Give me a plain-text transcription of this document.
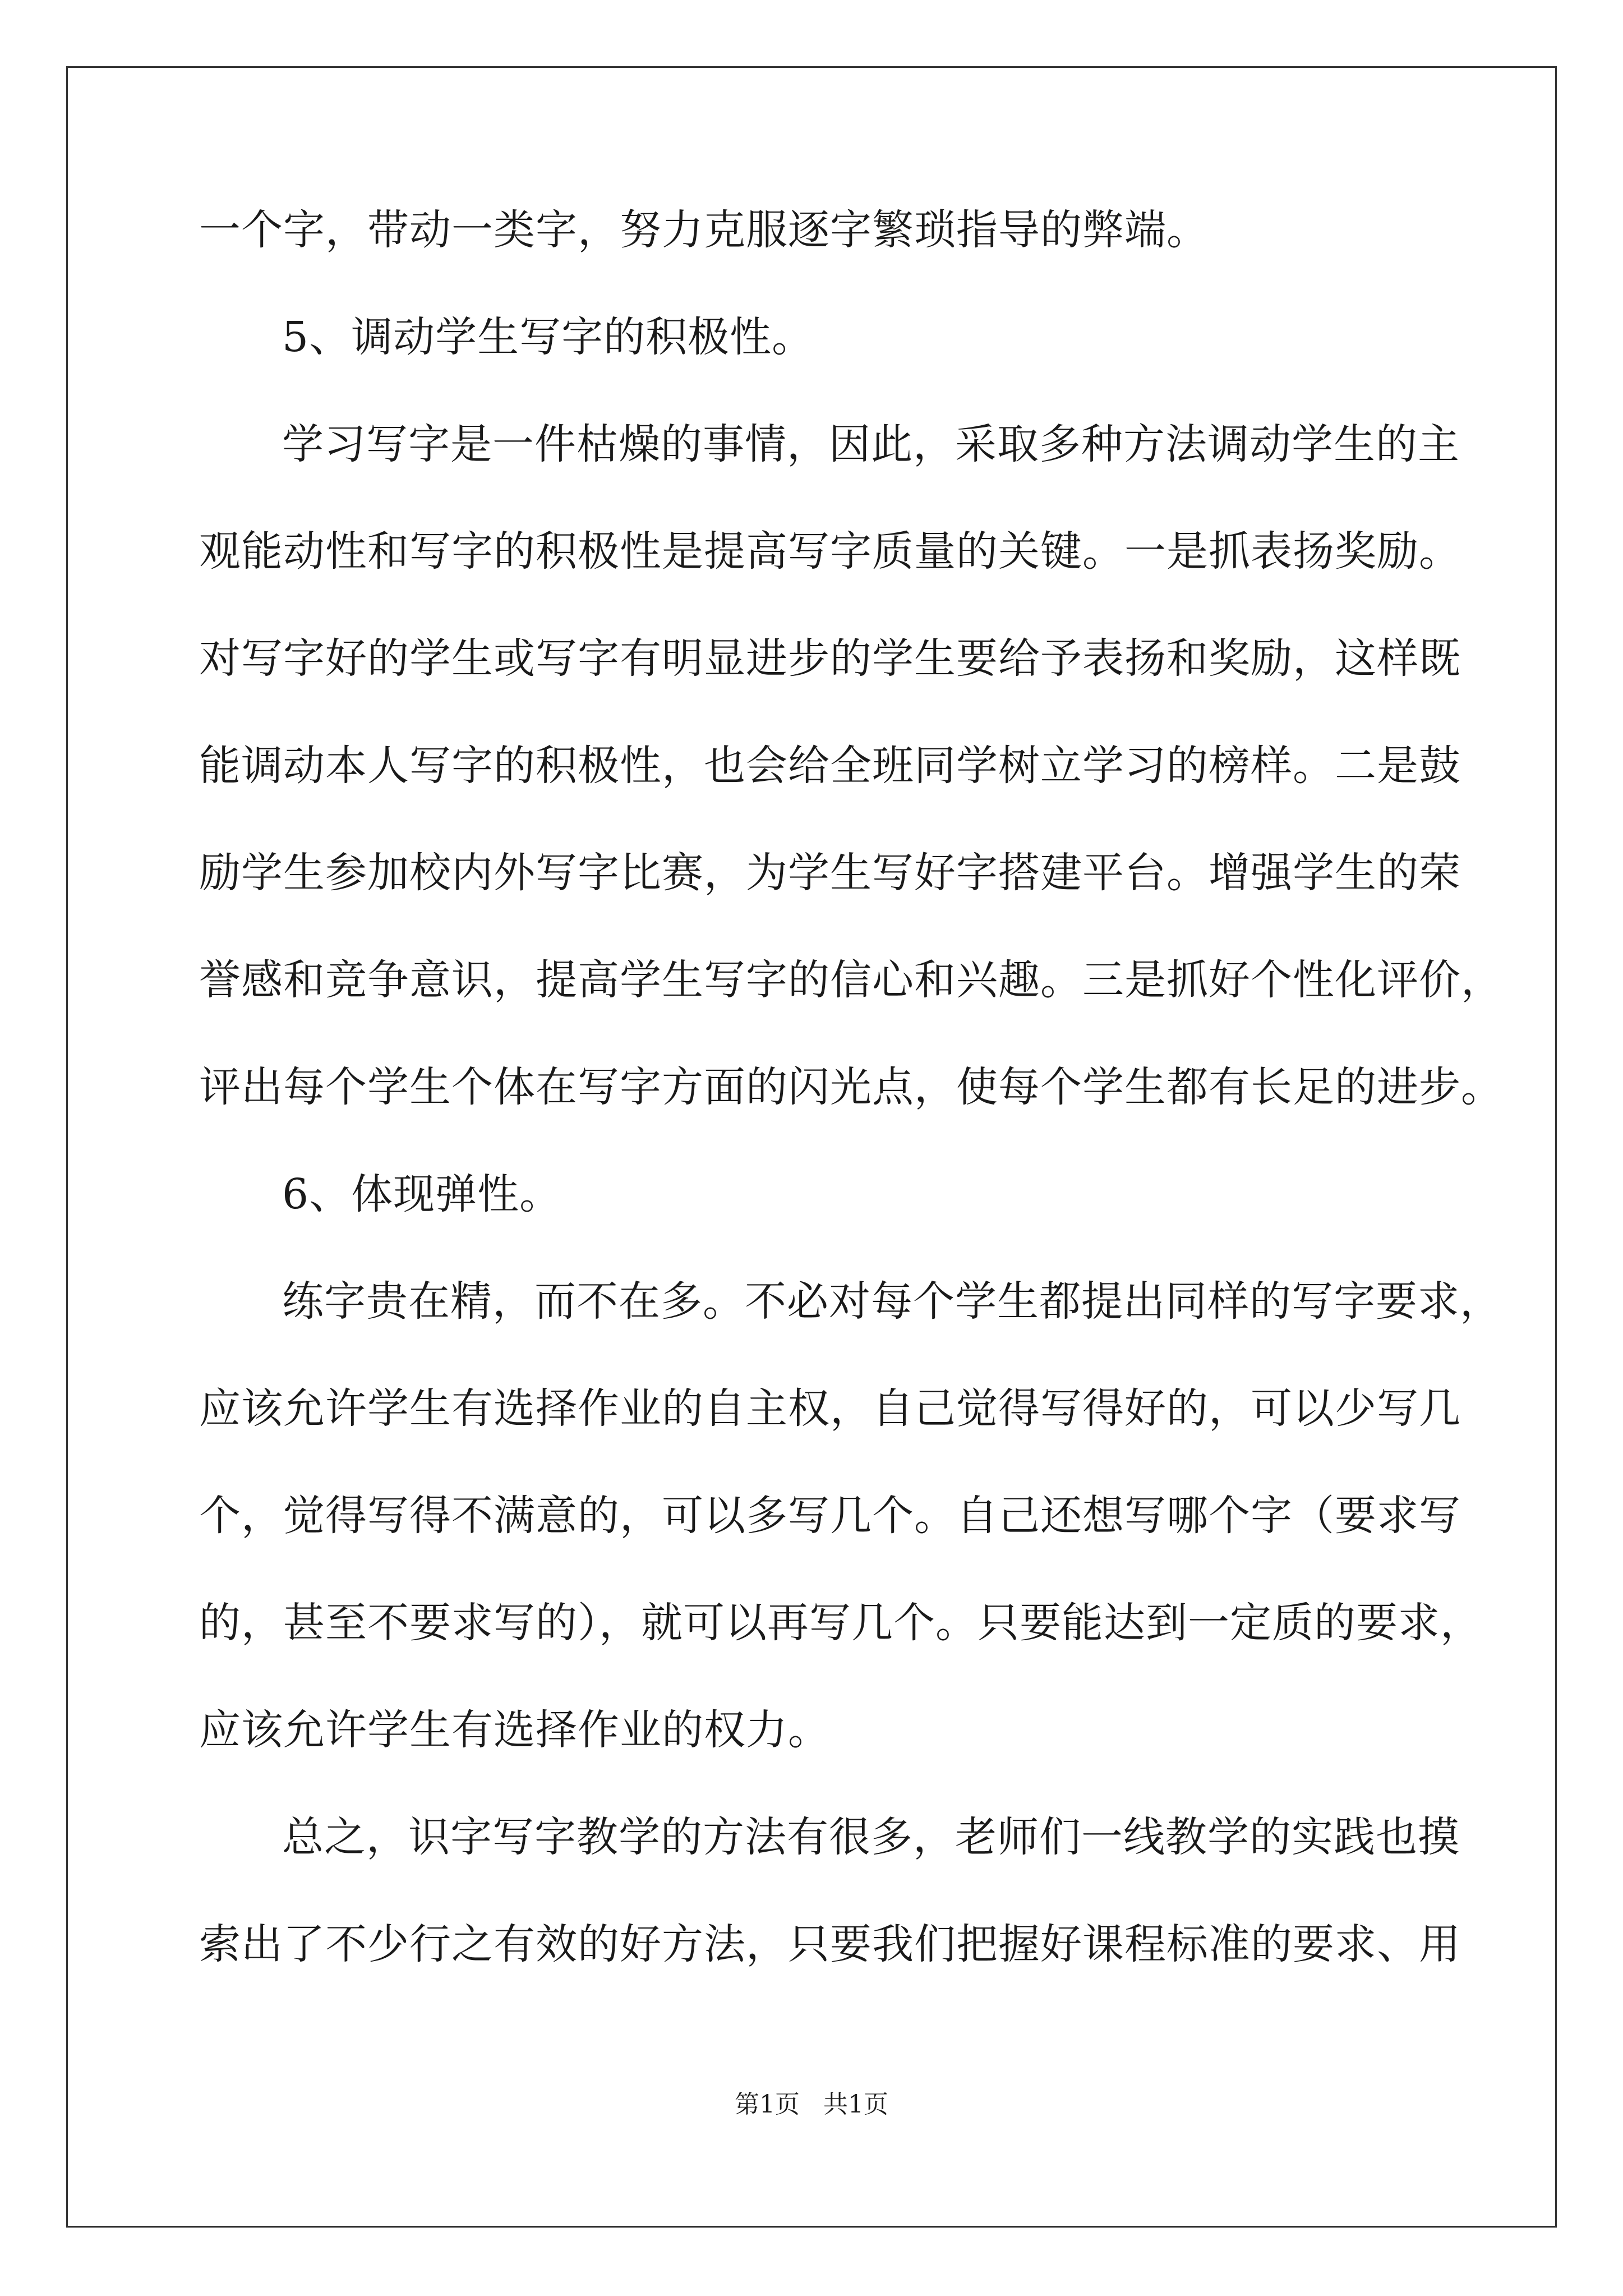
一个字，带动一类字，努力克服逐字繁琐指导的弊端。
5、调动学生写字的积极性。
学习写字是一件枯燥的事情，因此，采取多种方法调动学生的主
观能动性和写字的积极性是提高写字质量的关键。一是抓表扬奖励。
对写字好的学生或写字有明显进步的学生要给予表扬和奖励，这样既
能调动本人写字的积极性，也会给全班同学树立学习的榜样。二是鼓
励学生参加校内外写字比赛，为学生写好字搭建平台。增强学生的荣
誉感和竞争意识，提高学生写字的信心和兴趣。三是抓好个性化评价，
评出每个学生个体在写字方面的闪光点，使每个学生都有长足的进步。
6、体现弹性。
练字贵在精，而不在多。不必对每个学生都提出同样的写字要求，
应该允许学生有选择作业的自主权，自己觉得写得好的，可以少写几
个，觉得写得不满意的，可以多写几个。自己还想写哪个字（要求写
的，甚至不要求写的），就可以再写几个。只要能达到一定质的要求，
应该允许学生有选择作业的权力。
总之，识字写字教学的方法有很多，老师们一线教学的实践也摸
索出了不少行之有效的好方法，只要我们把握好课程标准的要求、用
第1页   共1页
